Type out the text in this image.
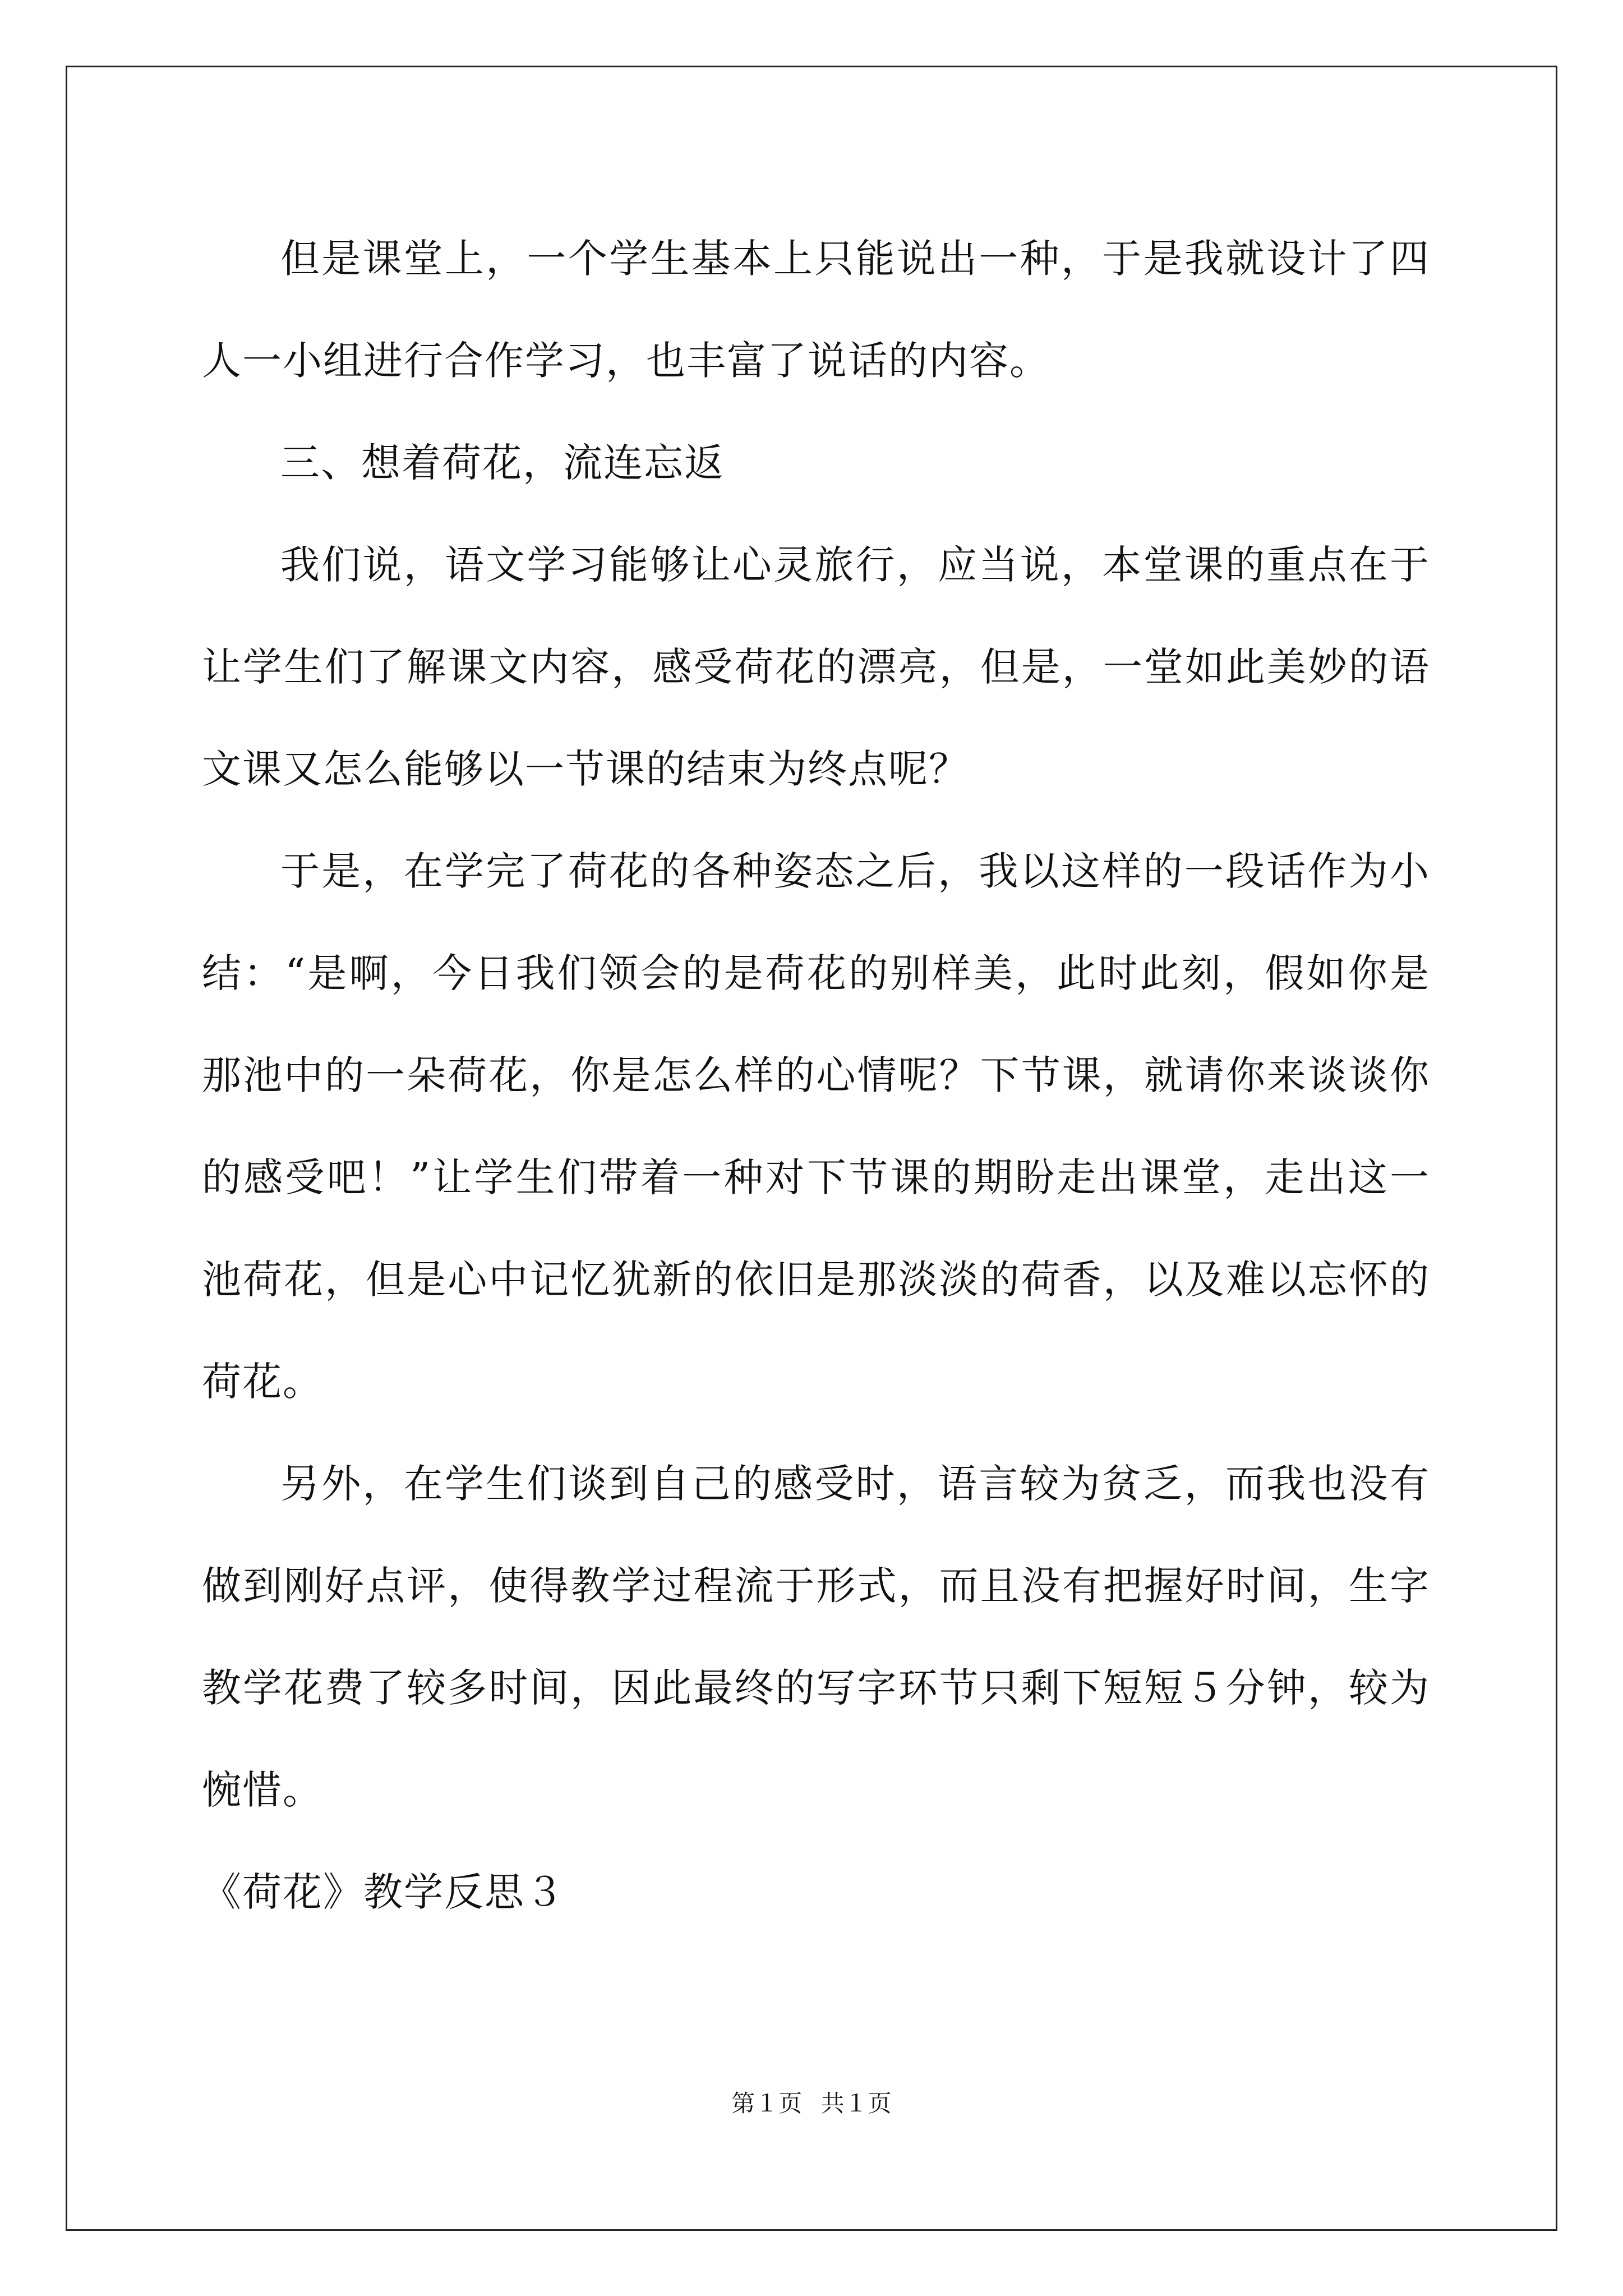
但是课堂上，一个学生基本上只能说出一种，于是我就设计了四人一小组进行合作学习，也丰富了说话的内容。

三、想着荷花，流连忘返

我们说，语文学习能够让心灵旅行，应当说，本堂课的重点在于让学生们了解课文内容，感受荷花的漂亮，但是，一堂如此美妙的语文课又怎么能够以一节课的结束为终点呢？

于是，在学完了荷花的各种姿态之后，我以这样的一段话作为小结：“是啊，今日我们领会的是荷花的别样美，此时此刻，假如你是那池中的一朵荷花，你是怎么样的心情呢？下节课，就请你来谈谈你的感受吧！”让学生们带着一种对下节课的期盼走出课堂，走出这一池荷花，但是心中记忆犹新的依旧是那淡淡的荷香，以及难以忘怀的荷花。

另外，在学生们谈到自己的感受时，语言较为贫乏，而我也没有做到刚好点评，使得教学过程流于形式，而且没有把握好时间，生字教学花费了较多时间，因此最终的写字环节只剩下短短５分钟，较为惋惜。

《荷花》教学反思３

第１页 共１页
